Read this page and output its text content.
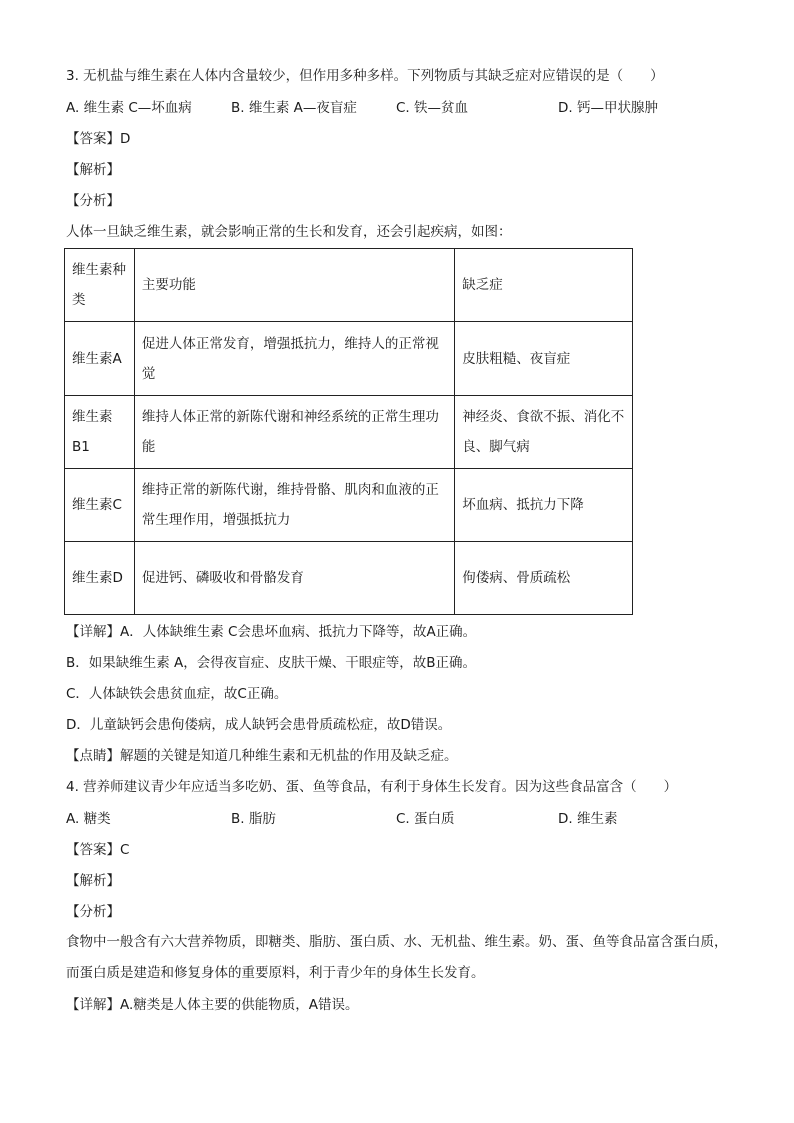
3. 无机盐与维生素在人体内含量较少，但作用多种多样。下列物质与其缺乏症对应错误的是（　　）
A. 维生素 C—坏血病	B. 维生素 A—夜盲症	C. 铁—贫血	D. 钙—甲状腺肿
【答案】D
【解析】
【分析】
人体一旦缺乏维生素，就会影响正常的生长和发育，还会引起疾病，如图：
维生素种类	主要功能	缺乏症
维生素A	促进人体正常发育，增强抵抗力，维持人的正常视觉	皮肤粗糙、夜盲症
维生素B1	维持人体正常的新陈代谢和神经系统的正常生理功能	神经炎、食欲不振、消化不良、脚气病
维生素C	维持正常的新陈代谢，维持骨骼、肌肉和血液的正常生理作用，增强抵抗力	坏血病、抵抗力下降
维生素D	促进钙、磷吸收和骨骼发育	佝偻病、骨质疏松
【详解】A．人体缺维生素 C会患坏血病、抵抗力下降等，故A正确。
B．如果缺维生素 A，会得夜盲症、皮肤干燥、干眼症等，故B正确。
C．人体缺铁会患贫血症，故C正确。
D．儿童缺钙会患佝偻病，成人缺钙会患骨质疏松症，故D错误。
【点睛】解题的关键是知道几种维生素和无机盐的作用及缺乏症。
4. 营养师建议青少年应适当多吃奶、蛋、鱼等食品，有利于身体生长发育。因为这些食品富含（　　）
A. 糖类	B. 脂肪	C. 蛋白质	D. 维生素
【答案】C
【解析】
【分析】
食物中一般含有六大营养物质，即糖类、脂肪、蛋白质、水、无机盐、维生素。奶、蛋、鱼等食品富含蛋白质，而蛋白质是建造和修复身体的重要原料，利于青少年的身体生长发育。
【详解】A.糖类是人体主要的供能物质，A错误。
